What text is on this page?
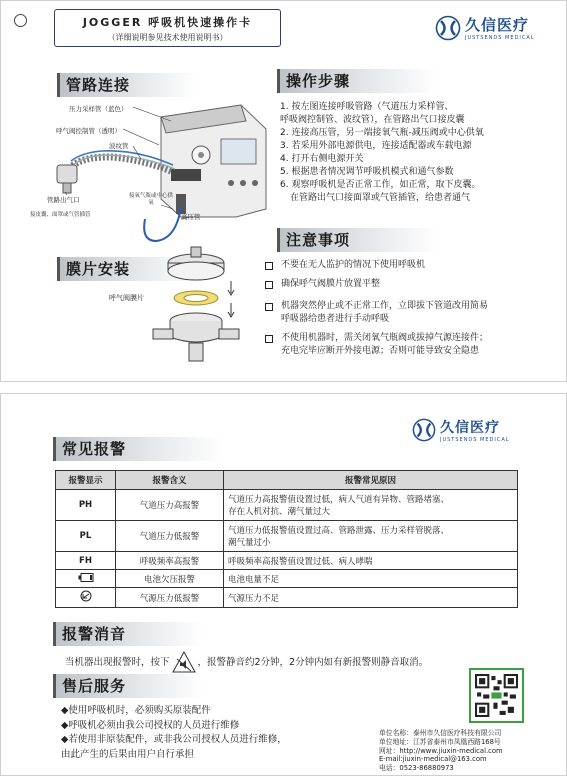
JOGGER 呼吸机快速操作卡
（详细说明参见技术使用说明书）
久信医疗
JUSTSENDS MEDICAL
管路连接
压力采样管（蓝色）
呼气阀控制管（透明）
波纹管
管路出气口
接皮囊、面罩或气管插管
接氧气瓶或中心供氧
高压管
操作步骤
1. 按左图连接呼吸管路（气道压力采样管、
呼吸阀控制管、波纹管），在管路出气口接皮囊
2. 连接高压管，另一端接氧气瓶-减压阀或中心供氧
3. 若采用外部电源供电，连接适配器或车载电源
4. 打开右侧电源开关
5. 根据患者情况调节呼吸机模式和通气参数
6. 观察呼吸机是否正常工作，如正常，取下皮囊。
在管路出气口接面罩或气管插管，给患者通气
膜片安装
呼气阀膜片
注意事项
不要在无人监护的情况下使用呼吸机
确保呼气阀膜片放置平整
机器突然停止或不正常工作，立即拔下管道改用简易
呼吸器给患者进行手动呼吸
不使用机器时，需关闭氧气瓶阀或拔掉气源连接件；
充电完毕应断开外接电源；否则可能导致安全隐患
久信医疗
JUSTSENDS MEDICAL
常见报警
报警显示	报警含义	报警常见原因
PH	气道压力高报警	气道压力高报警值设置过低，病人气道有异物、管路堵塞、
存在人机对抗、潮气量过大

PL	气道压力低报警	气道压力低报警值设置过高、管路泄露、压力采样管脱落、
潮气量过小

FH	呼吸频率高报警	呼吸频率高报警值设置过低、病人哮喘

	电池欠压报警	电池电量不足

	气源压力低报警	气源压力不足
报警消音
当机器出现报警时，按下	，报警静音约2分钟，2分钟内如有新报警则静音取消。
售后服务
◆使用呼吸机时，必须购买原装配件
◆呼吸机必须由我公司授权的人员进行维修
◆若使用非原装配件，或非我公司授权人员进行维修，
由此产生的后果由用户自行承担
单位名称：泰州市久信医疗科技有限公司
单位地址：江苏省泰州市凤凰西路168号
网址：http://www.jiuxin-medical.com
E-mail:jiuxin-medical@163.com
电话：0523-86880973
